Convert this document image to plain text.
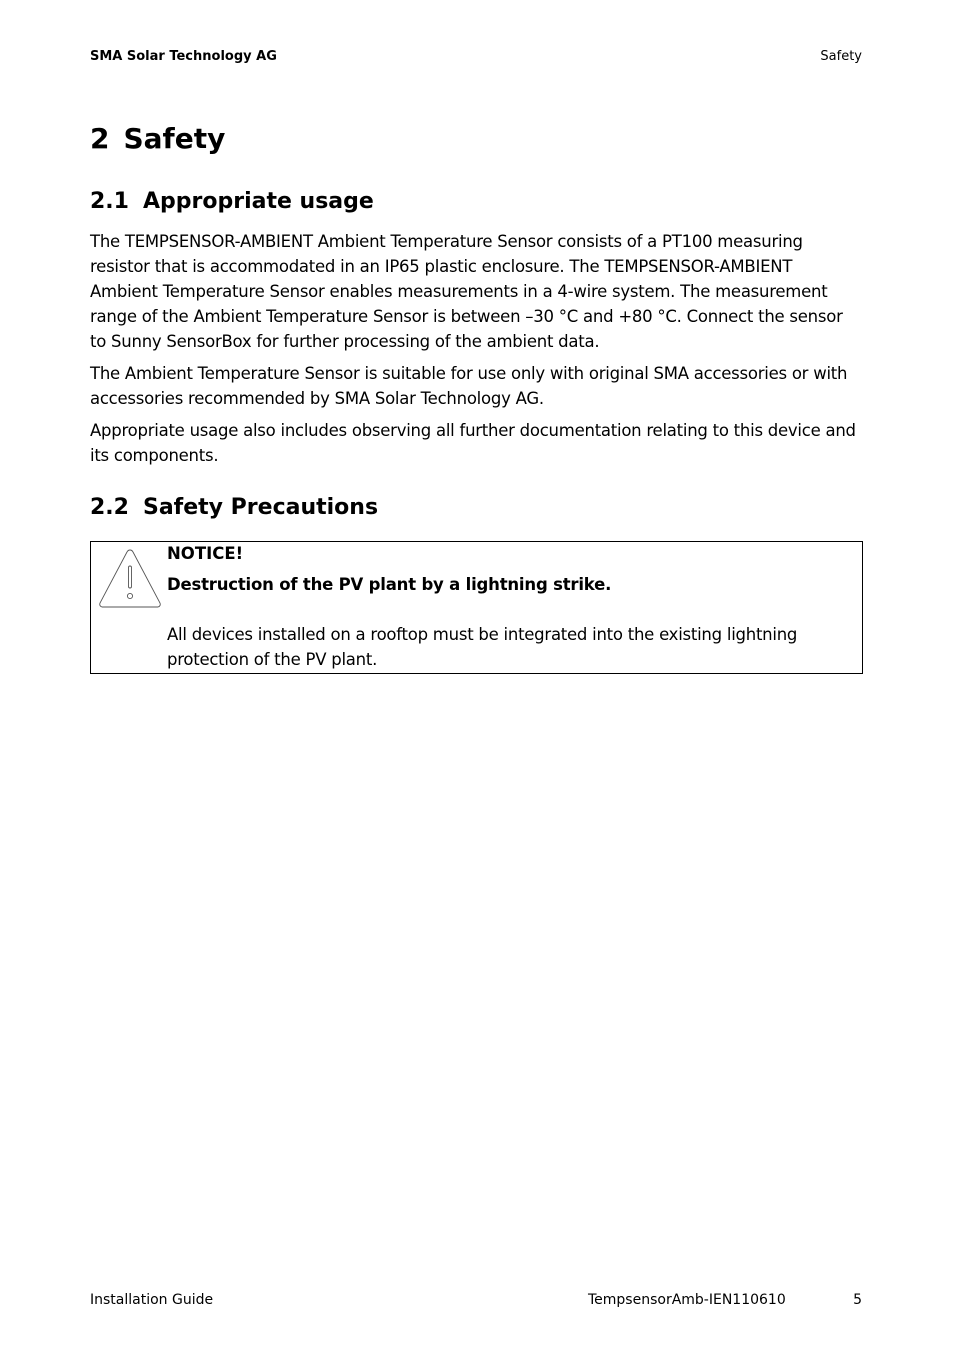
SMA Solar Technology AG	Safety
2 Safety
2.1 Appropriate usage

The TEMPSENSOR-AMBIENT Ambient Temperature Sensor consists of a PT100 measuring resistor that is accommodated in an IP65 plastic enclosure. The TEMPSENSOR-AMBIENT Ambient Temperature Sensor enables measurements in a 4-wire system. The measurement range of the Ambient Temperature Sensor is between –30 °C and +80 °C. Connect the sensor to Sunny SensorBox for further processing of the ambient data.

The Ambient Temperature Sensor is suitable for use only with original SMA accessories or with accessories recommended by SMA Solar Technology AG.

Appropriate usage also includes observing all further documentation relating to this device and its components.

2.2 Safety Precautions
NOTICE!
Destruction of the PV plant by a lightning strike.
All devices installed on a rooftop must be integrated into the existing lightning protection of the PV plant.
Installation Guide	TempsensorAmb-IEN110610	5
